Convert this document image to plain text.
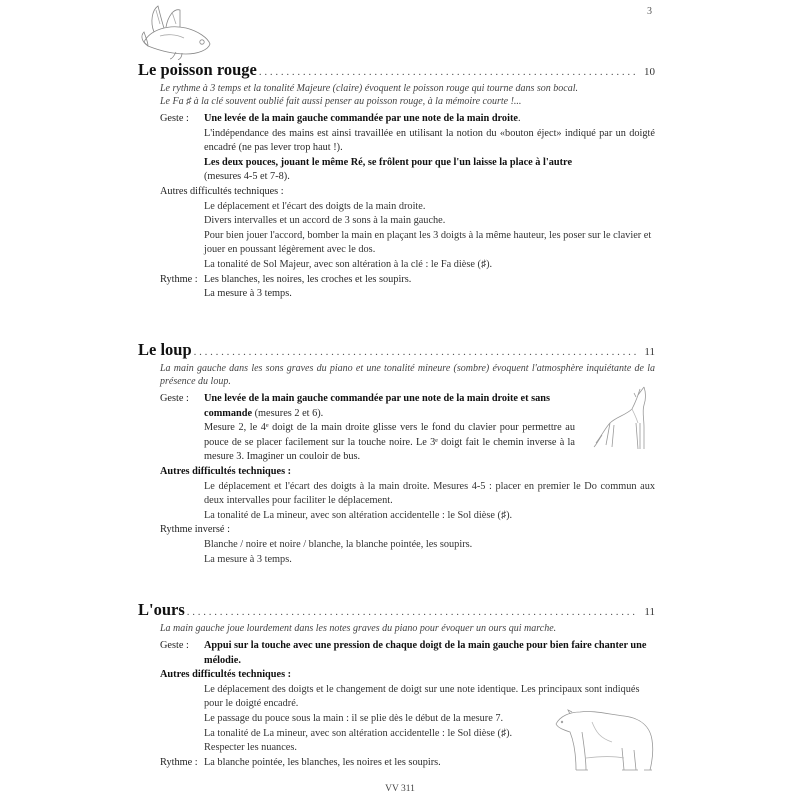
3
Le poisson rouge . . .	10
Le rythme à 3 temps et la tonalité Majeure (claire) évoquent le poisson rouge qui tourne dans son bocal.
Le Fa ♯ à la clé souvent oublié fait aussi penser au poisson rouge, à la mémoire courte !...
Geste :	Une levée de la main gauche commandée par une note de la main droite.
L'indépendance des mains est ainsi travaillée en utilisant la notion du «bouton éject» indiqué par un doigté encadré (ne pas lever trop haut !).
Les deux pouces, jouant le même Ré, se frôlent pour que l'un laisse la place à l'autre
(mesures 4-5 et 7-8).
Autres difficultés techniques :
Le déplacement et l'écart des doigts de la main droite.
Divers intervalles et un accord de 3 sons à la main gauche.
Pour bien jouer l'accord, bomber la main en plaçant les 3 doigts à la même hauteur, les poser sur le clavier et jouer en poussant légèrement avec le dos.
La tonalité de Sol Majeur, avec son altération à la clé : le Fa dièse (♯).
Rythme : Les blanches, les noires, les croches et les soupirs.
La mesure à 3 temps.
Le loup . . .	11
La main gauche dans les sons graves du piano et une tonalité mineure (sombre) évoquent l'atmosphère inquiétante de la présence du loup.
Geste :	Une levée de la main gauche commandée par une note de la main droite et sans commande (mesures 2 et 6).
Mesure 2, le 4ᵉ doigt de la main droite glisse vers le fond du clavier pour permettre au pouce de se placer facilement sur la touche noire. Le 3ᵉ doigt fait le chemin inverse à la mesure 3. Imaginer un couloir de bus.
Autres difficultés techniques :
Le déplacement et l'écart des doigts à la main droite. Mesures 4-5 : placer en premier le Do commun aux deux intervalles pour faciliter le déplacement.
La tonalité de La mineur, avec son altération accidentelle : le Sol dièse (♯).
Rythme inversé :
Blanche / noire et noire / blanche, la blanche pointée, les soupirs.
La mesure à 3 temps.
L'ours . . .	11
La main gauche joue lourdement dans les notes graves du piano pour évoquer un ours qui marche.
Geste :	Appui sur la touche avec une pression de chaque doigt de la main gauche pour bien faire chanter une mélodie.
Autres difficultés techniques :
Le déplacement des doigts et le changement de doigt sur une note identique. Les principaux sont indiqués pour le doigté encadré.
Le passage du pouce sous la main : il se plie dès le début de la mesure 7.
La tonalité de La mineur, avec son altération accidentelle : le Sol dièse (♯).
Respecter les nuances.
Rythme : La blanche pointée, les blanches, les noires et les soupirs.
VV 311
